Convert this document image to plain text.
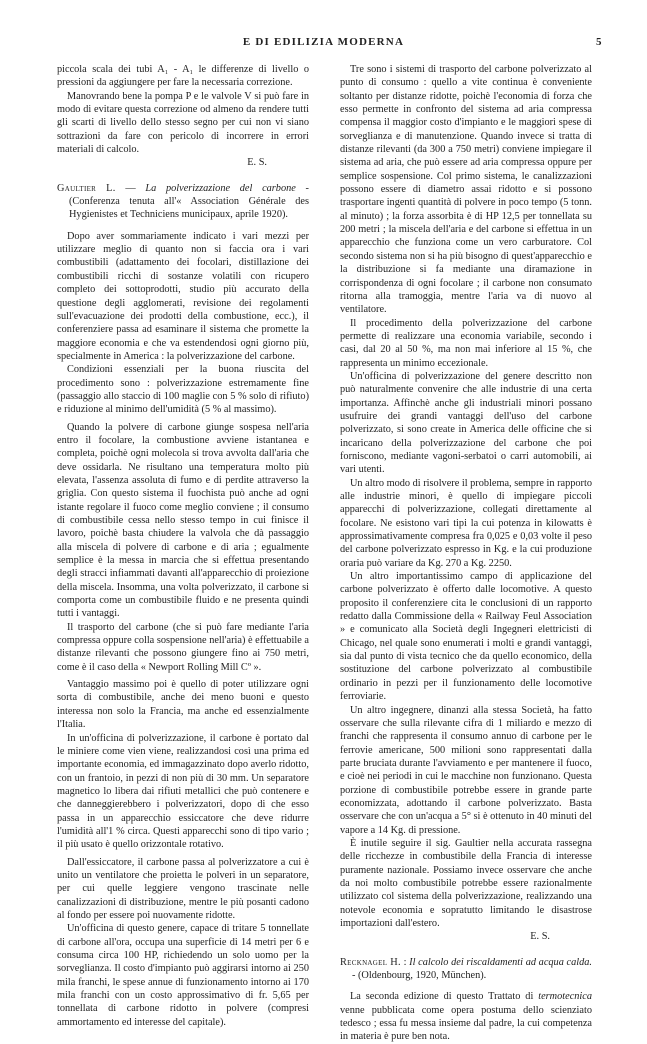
E DI EDILIZIA MODERNA	5

piccola scala dei tubi A₁ - A₁ le differenze di livello o pressioni da aggiungere per fare la necessaria correzione.

Manovrando bene la pompa P e le valvole V si può fare in modo di evitare questa correzione od almeno da rendere tutti gli scarti di livello dello stesso segno per cui non vi siano sottrazioni da fare con pericolo di incorrere in errori materiali di calcolo.

E. S.

Gaultier L. — La polverizzazione del carbone - (Conferenza tenuta all'« Association Générale des Hygienistes et Techniciens municipaux, aprile 1920).

Dopo aver sommariamente indicato i vari mezzi per utilizzare meglio di quanto non si faccia ora i vari combustibili (adattamento dei focolari, distillazione dei combustibili ricchi di sostanze volatili con ricupero completo dei sottoprodotti, studio più accurato della questione degli agglomerati, revisione dei regolamenti sull'evacuazione dei prodotti della combustione, ecc.), il conferenziere passa ad esaminare il sistema che promette la maggiore economia e che va estendendosi ogni giorno più, specialmente in America : la polverizzazione del carbone.

Condizioni essenziali per la buona riuscita del procedimento sono : polverizzazione estremamente fine (passaggio allo staccio di 100 maglie con 5 % solo di rifiuto) e riduzione al minimo dell'umidità (5 % al massimo).

Quando la polvere di carbone giunge sospesa nell'aria entro il focolare, la combustione avviene istantanea e completa, poichè ogni molecola si trova avvolta dall'aria che deve ossidarla. Ne risultano una temperatura molto più elevata, l'assenza assoluta di fumo e di perdite attraverso la griglia. Con questo sistema il fuochista può anche ad ogni istante regolare il fuoco come meglio conviene ; il consumo di combustibile cessa nello stesso tempo in cui finisce il lavoro, poichè basta chiudere la valvola che dà passaggio alla miscela di polvere di carbone e di aria ; egualmente semplice è la messa in marcia che si effettua presentando degli stracci infiammati davanti all'apparecchio di proiezione della miscela. Insomma, una volta polverizzato, il carbone si comporta come un combustibile fluido e ne presenta quindi tutti i vantaggi.

Il trasporto del carbone (che si può fare mediante l'aria compressa oppure colla sospensione nell'aria) è effettuabile a distanze rilevanti che possono giungere fino ai 750 metri, come è il caso della « Newport Rolling Mill Cº ».

Vantaggio massimo poi è quello di poter utilizzare ogni sorta di combustibile, anche dei meno buoni e questo interessa non solo la Francia, ma anche ed essenzialmente l'Italia.

In un'officina di polverizzazione, il carbone è portato dal le miniere come vien viene, realizzandosi così una prima ed importante economia, ed immagazzinato dopo averlo ridotto, con un frantoio, in pezzi di non più di 30 mm. Un separatore magnetico lo libera dai rifiuti metallici che può contenere e che danneggierebbero i polverizzatori, dopo di che esso passa in un apparecchio essiccatore che deve ridurre l'umidità all'1 % circa. Questi apparecchi sono di tipo vario ; il più usato è quello orizzontale rotativo.

Dall'essiccatore, il carbone passa al polverizzatore a cui è unito un ventilatore che proietta le polveri in un separatore, per cui quelle leggiere vengono trascinate nelle canalizzazioni di distribuzione, mentre le più posanti cadono al fondo per essere poi nuovamente ridotte.

Un'officina di questo genere, capace di tritare 5 tonnellate di carbone all'ora, occupa una superficie di 14 metri per 6 e consuma circa 100 HP, richiedendo un solo uomo per la sorveglianza. Il costo d'impianto può aggirarsi intorno ai 250 mila franchi, le spese annue di funzionamento intorno ai 170 mila franchi con un costo approssimativo di fr. 5,65 per tonnellata di carbone ridotto in polvere (compresi ammortamento ed interesse del capitale).

Tre sono i sistemi di trasporto del carbone polverizzato al punto di consumo : quello a vite continua è conveniente soltanto per distanze ridotte, poichè l'economia di forza che esso permette in confronto del sistema ad aria compressa compensa il maggior costo d'impianto e le maggiori spese di sorveglianza e di manutenzione. Quando invece si tratta di distanze rilevanti (da 300 a 750 metri) conviene impiegare il sistema ad aria, che può essere ad aria compressa oppure per semplice sospensione. Col primo sistema, le canalizzazioni possono essere di diametro assai ridotto e si possono trasportare ingenti quantità di polvere in poco tempo (5 tonn. al minuto) ; la forza assorbita è di HP 12,5 per tonnellata su 200 metri ; la miscela dell'aria e del carbone si effettua in un apparecchio che funziona come un vero carburatore. Col secondo sistema non si ha più bisogno di quest'apparecchio e la distribuzione si fa mediante una diramazione in corrispondenza di ogni focolare ; il carbone non consumato ritorna alla tramoggia, mentre l'aria va di nuovo al ventilatore.

Il procedimento della polverizzazione del carbone permette di realizzare una economia variabile, secondo i casi, dal 20 al 50 %, ma non mai inferiore al 15 %, che rappresenta un minimo eccezionale.

Un'officina di polverizzazione del genere descritto non può naturalmente convenire che alle industrie di una certa importanza. Affinchè anche gli industriali minori possano usufruire dei grandi vantaggi dell'uso del carbone polverizzato, si sono create in America delle officine che si incaricano della polverizzazione del carbone che poi forniscono, mediante vagoni-serbatoi o carri automobili, ai vari utenti.

Un altro modo di risolvere il problema, sempre in rapporto alle industrie minori, è quello di impiegare piccoli apparecchi di polverizzazione, collegati direttamente al focolare. Ne esistono vari tipi la cui potenza in kilowatts è approssimativamente compresa fra 0,025 e 0,03 volte il peso del carbone polverizzato espresso in Kg. e la cui produzione oraria può variare da Kg. 270 a Kg. 2250.

Un altro importantissimo campo di applicazione del carbone polverizzato è offerto dalle locomotive. A questo proposito il conferenziere cita le conclusioni di un rapporto redatto dalla Commissione della « Railway Feul Association » e comunicato alla Società degli Ingegneri elettricisti di Chicago, nel quale sono enumerati i molti e grandi vantaggi, sia dal punto di vista tecnico che da quello economico, della sostituzione del carbone polverizzato al combustibile ordinario in pezzi per il funzionamento delle locomotive ferroviarie.

Un altro ingegnere, dinanzi alla stessa Società, ha fatto osservare che sulla rilevante cifra di 1 miliardo e mezzo di franchi che rappresenta il consumo annuo di carbone per le ferrovie americane, 500 milioni sono rappresentati dalla parte bruciata durante l'avviamento e per mantenere il fuoco, e cioè nei periodi in cui le macchine non funzionano. Questa porzione di combustibile potrebbe essere in grande parte economizzata, adottando il carbone polverizzato. Basta osservare che con un'acqua a 5° si è ottenuto in 40 minuti del vapore a 14 Kg. di pressione.

È inutile seguire il sig. Gaultier nella accurata rassegna delle ricchezze in combustibile della Francia di interesse puramente nazionale. Possiamo invece osservare che anche da noi molto combustibile potrebbe essere razionalmente utilizzato col sistema della polverizzazione, realizzando una notevole economia e sopratutto limitando le disastrose importazioni dall'estero.

E. S.

Recknagel H. : Il calcolo dei riscaldamenti ad acqua calda. - (Oldenbourg, 1920, München).

La seconda edizione di questo Trattato di termotecnica venne pubblicata come opera postuma dello scienziato tedesco ; essa fu messa insieme dal padre, la cui competenza in materia è pure ben nota.
